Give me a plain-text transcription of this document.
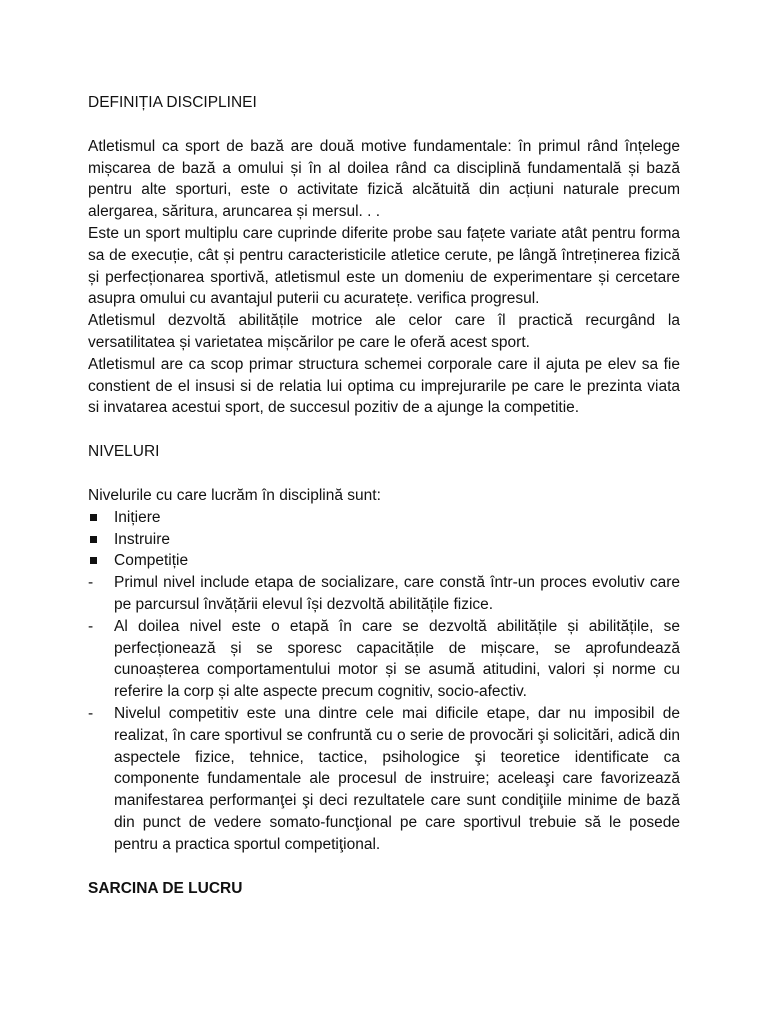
DEFINIȚIA DISCIPLINEI

Atletismul ca sport de bază are două motive fundamentale: în primul rând înțelege mișcarea de bază a omului și în al doilea rând ca disciplină fundamentală și bază pentru alte sporturi, este o activitate fizică alcătuită din acțiuni naturale precum alergarea, săritura, aruncarea și mersul. . .

Este un sport multiplu care cuprinde diferite probe sau fațete variate atât pentru forma sa de execuție, cât și pentru caracteristicile atletice cerute, pe lângă întreținerea fizică și perfecționarea sportivă, atletismul este un domeniu de experimentare și cercetare asupra omului cu avantajul puterii cu acuratețe. verifica progresul.

Atletismul dezvoltă abilitățile motrice ale celor care îl practică recurgând la versatilitatea și varietatea mișcărilor pe care le oferă acest sport.

Atletismul are ca scop primar structura schemei corporale care il ajuta pe elev sa fie constient de el insusi si de relatia lui optima cu imprejurarile pe care le prezinta viata si invatarea acestui sport, de succesul pozitiv de a ajunge la competitie.

NIVELURI

Nivelurile cu care lucrăm în disciplină sunt:

Inițiere
Instruire
Competiție
- Primul nivel include etapa de socializare, care constă într-un proces evolutiv care pe parcursul învățării elevul își dezvoltă abilitățile fizice.
- Al doilea nivel este o etapă în care se dezvoltă abilitățile și abilitățile, se perfecționează și se sporesc capacitățile de mișcare, se aprofundează cunoașterea comportamentului motor și se asumă atitudini, valori și norme cu referire la corp și alte aspecte precum cognitiv, socio-afectiv.
- Nivelul competitiv este una dintre cele mai dificile etape, dar nu imposibil de realizat, în care sportivul se confruntă cu o serie de provocări şi solicitări, adică din aspectele fizice, tehnice, tactice, psihologice şi teoretice identificate ca componente fundamentale ale procesul de instruire; aceleaşi care favorizează manifestarea performanţei şi deci rezultatele care sunt condiţiile minime de bază din punct de vedere somato-funcţional pe care sportivul trebuie să le posede pentru a practica sportul competiţional.
SARCINA DE LUCRU
